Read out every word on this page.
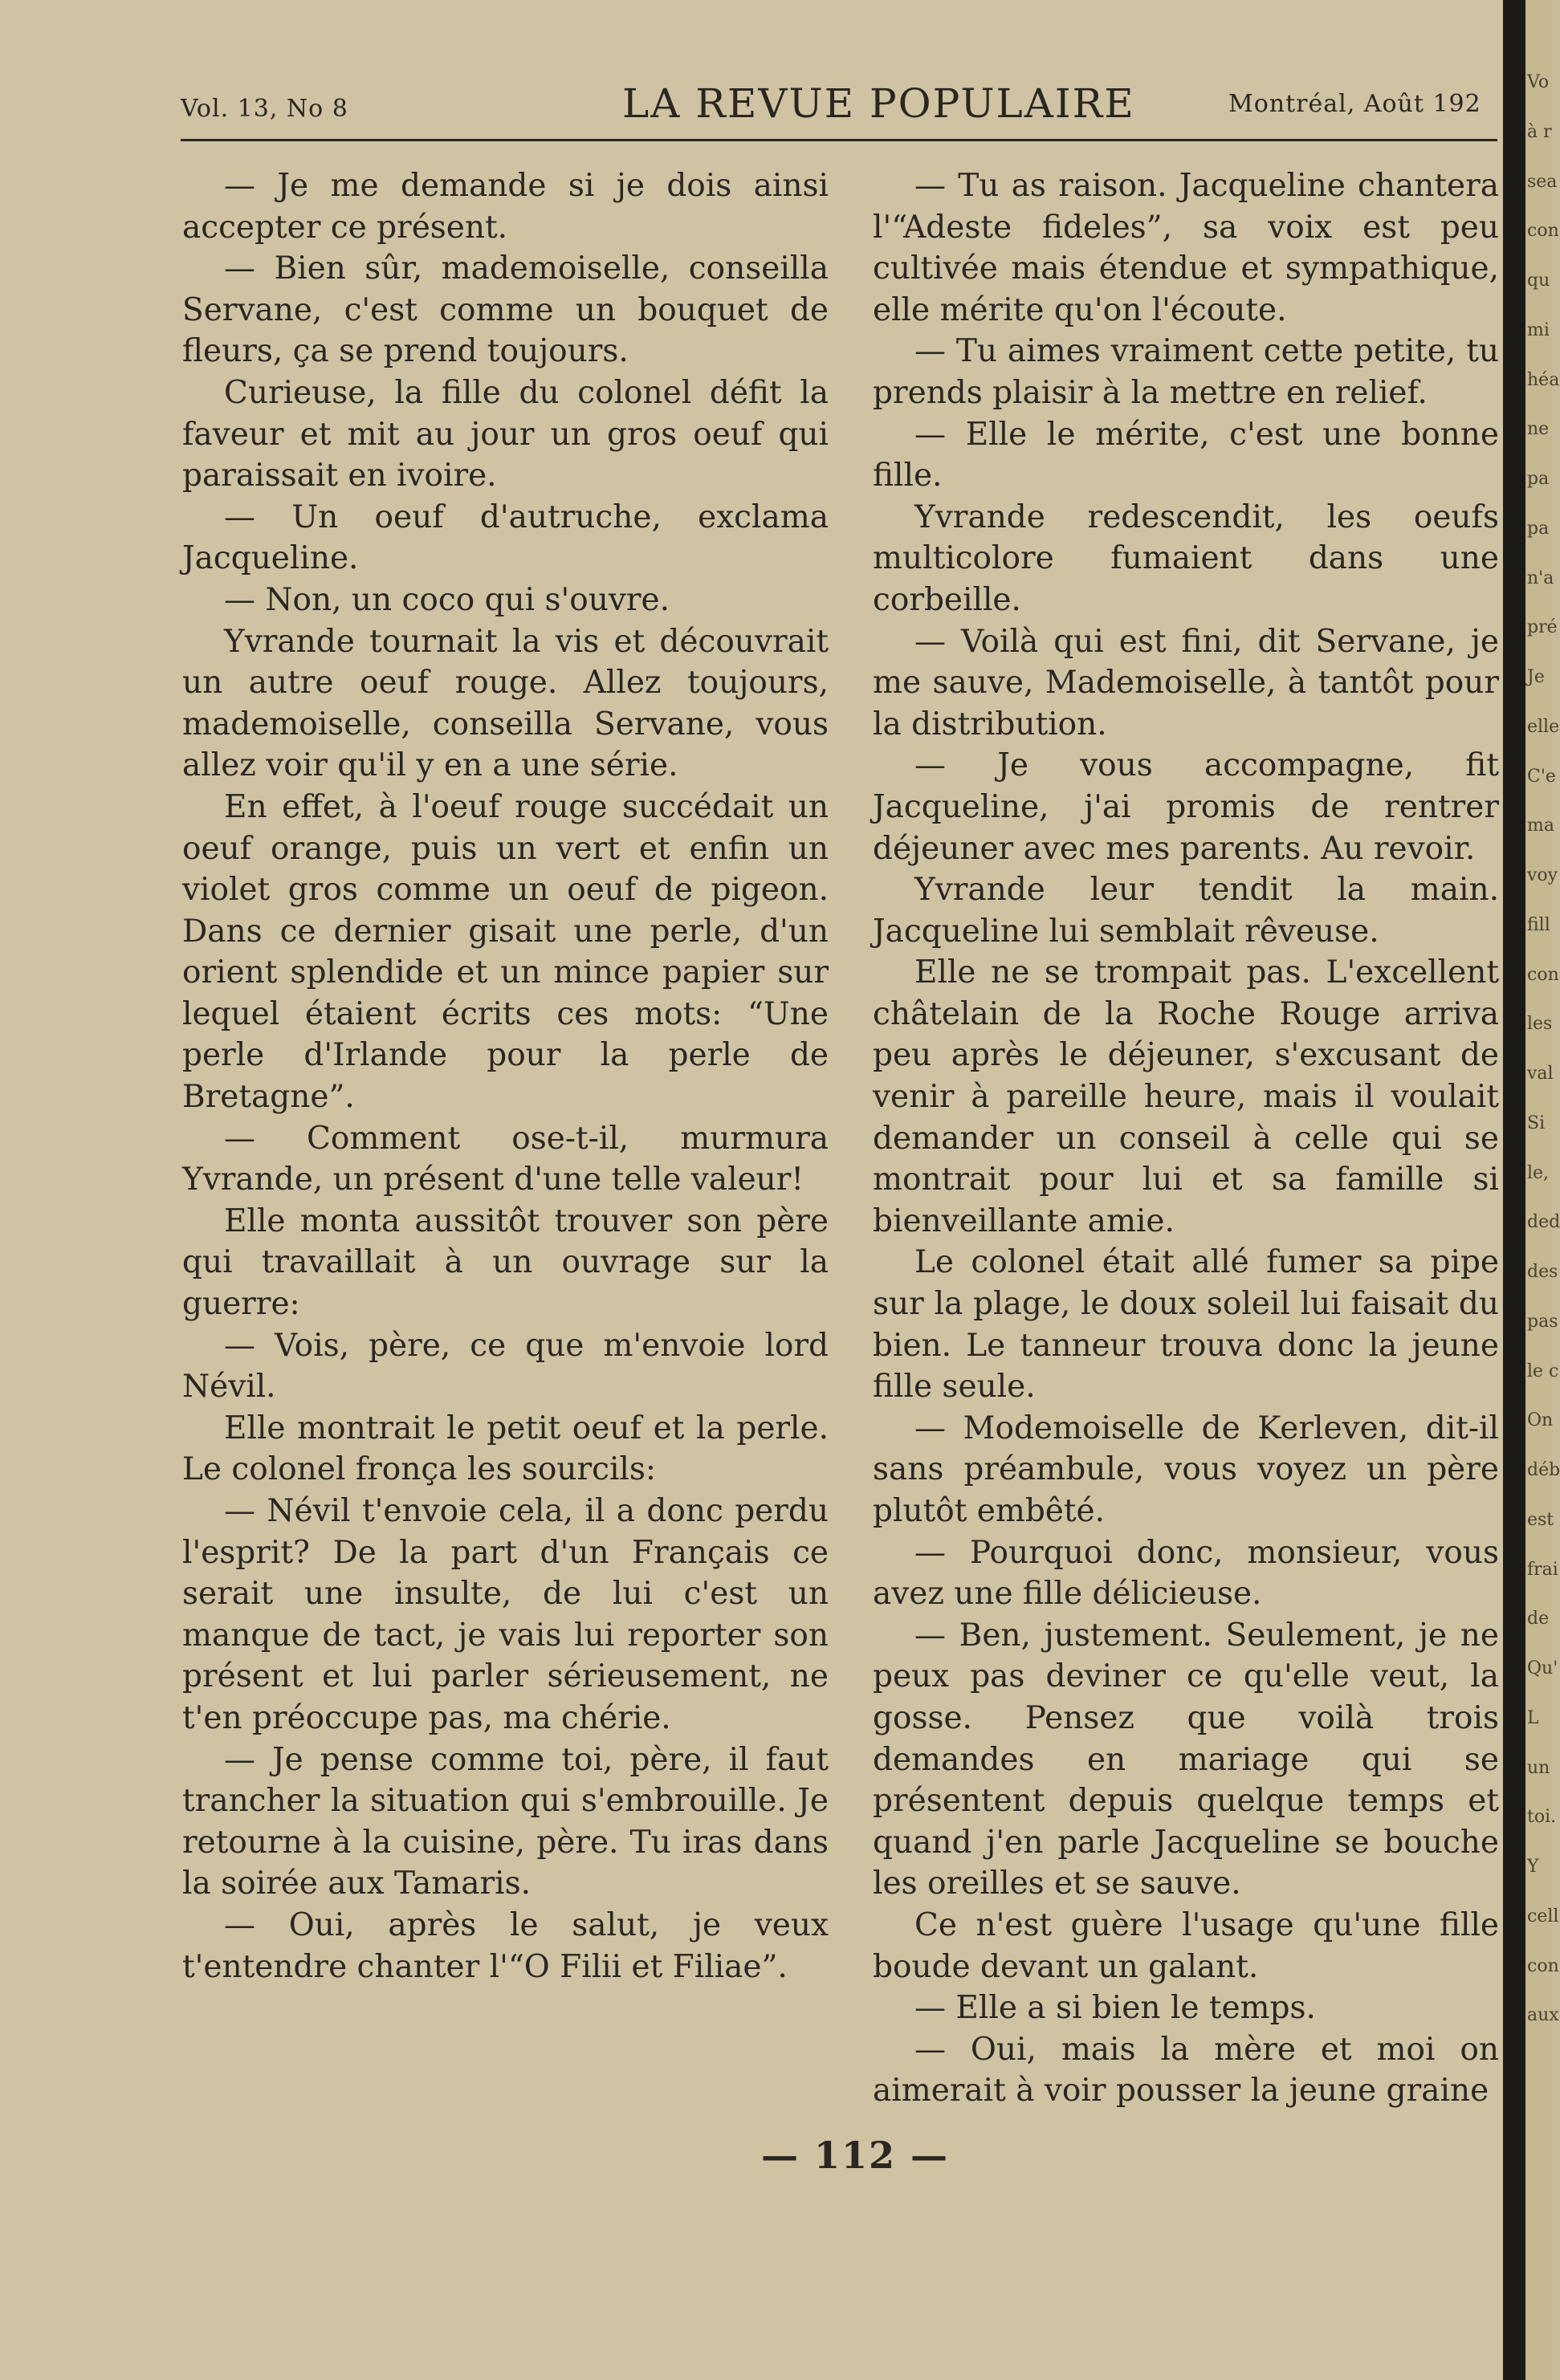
Vol. 13, No 8	LA REVUE POPULAIRE	Montréal, Août 192

— Je me demande si je dois ainsi accepter ce présent.

— Bien sûr, mademoiselle, conseilla Servane, c'est comme un bouquet de fleurs, ça se prend toujours.

Curieuse, la fille du colonel défit la faveur et mit au jour un gros oeuf qui paraissait en ivoire.

— Un oeuf d'autruche, exclama Jacqueline.

— Non, un coco qui s'ouvre.

Yvrande tournait la vis et découvrait un autre oeuf rouge. Allez toujours, mademoiselle, conseilla Servane, vous allez voir qu'il y en a une série.

En effet, à l'oeuf rouge succédait un oeuf orange, puis un vert et enfin un violet gros comme un oeuf de pigeon. Dans ce dernier gisait une perle, d'un orient splendide et un mince papier sur lequel étaient écrits ces mots: “Une perle d'Irlande pour la perle de Bretagne”.

— Comment ose-t-il, murmura Yvrande, un présent d'une telle valeur!

Elle monta aussitôt trouver son père qui travaillait à un ouvrage sur la guerre:

— Vois, père, ce que m'envoie lord Névil.

Elle montrait le petit oeuf et la perle. Le colonel fronça les sourcils:

— Névil t'envoie cela, il a donc perdu l'esprit? De la part d'un Français ce serait une insulte, de lui c'est un manque de tact, je vais lui reporter son présent et lui parler sérieusement, ne t'en préoccupe pas, ma chérie.

— Je pense comme toi, père, il faut trancher la situation qui s'embrouille. Je retourne à la cuisine, père. Tu iras dans la soirée aux Tamaris.

— Oui, après le salut, je veux t'entendre chanter l'“O Filii et Filiae”.

— Tu as raison. Jacqueline chantera l'“Adeste fideles”, sa voix est peu cultivée mais étendue et sympathique, elle mérite qu'on l'écoute.

— Tu aimes vraiment cette petite, tu prends plaisir à la mettre en relief.

— Elle le mérite, c'est une bonne fille.

Yvrande redescendit, les oeufs multicolore fumaient dans une corbeille.

— Voilà qui est fini, dit Servane, je me sauve, Mademoiselle, à tantôt pour la distribution.

— Je vous accompagne, fit Jacqueline, j'ai promis de rentrer déjeuner avec mes parents. Au revoir.

Yvrande leur tendit la main. Jacqueline lui semblait rêveuse.

Elle ne se trompait pas. L'excellent châtelain de la Roche Rouge arriva peu après le déjeuner, s'excusant de venir à pareille heure, mais il voulait demander un conseil à celle qui se montrait pour lui et sa famille si bienveillante amie.

Le colonel était allé fumer sa pipe sur la plage, le doux soleil lui faisait du bien. Le tanneur trouva donc la jeune fille seule.

— Modemoiselle de Kerleven, dit-il sans préambule, vous voyez un père plutôt embêté.

— Pourquoi donc, monsieur, vous avez une fille délicieuse.

— Ben, justement. Seulement, je ne peux pas deviner ce qu'elle veut, la gosse. Pensez que voilà trois demandes en mariage qui se présentent depuis quelque temps et quand j'en parle Jacqueline se bouche les oreilles et se sauve.

Ce n'est guère l'usage qu'une fille boude devant un galant.

— Elle a si bien le temps.

— Oui, mais la mère et moi on aimerait à voir pousser la jeune graine

— 112 —
Vo
à r
sea
con
qu
mi
héa
ne
pa
pa
n'a
pré
Je
elle
C'e
ma
voy
fill
con
les
val
Si
le,
ded
des
pas
le c
On
déb
est
frai
de
Qu'
L
un
toi.
Y
cell
con
aux
